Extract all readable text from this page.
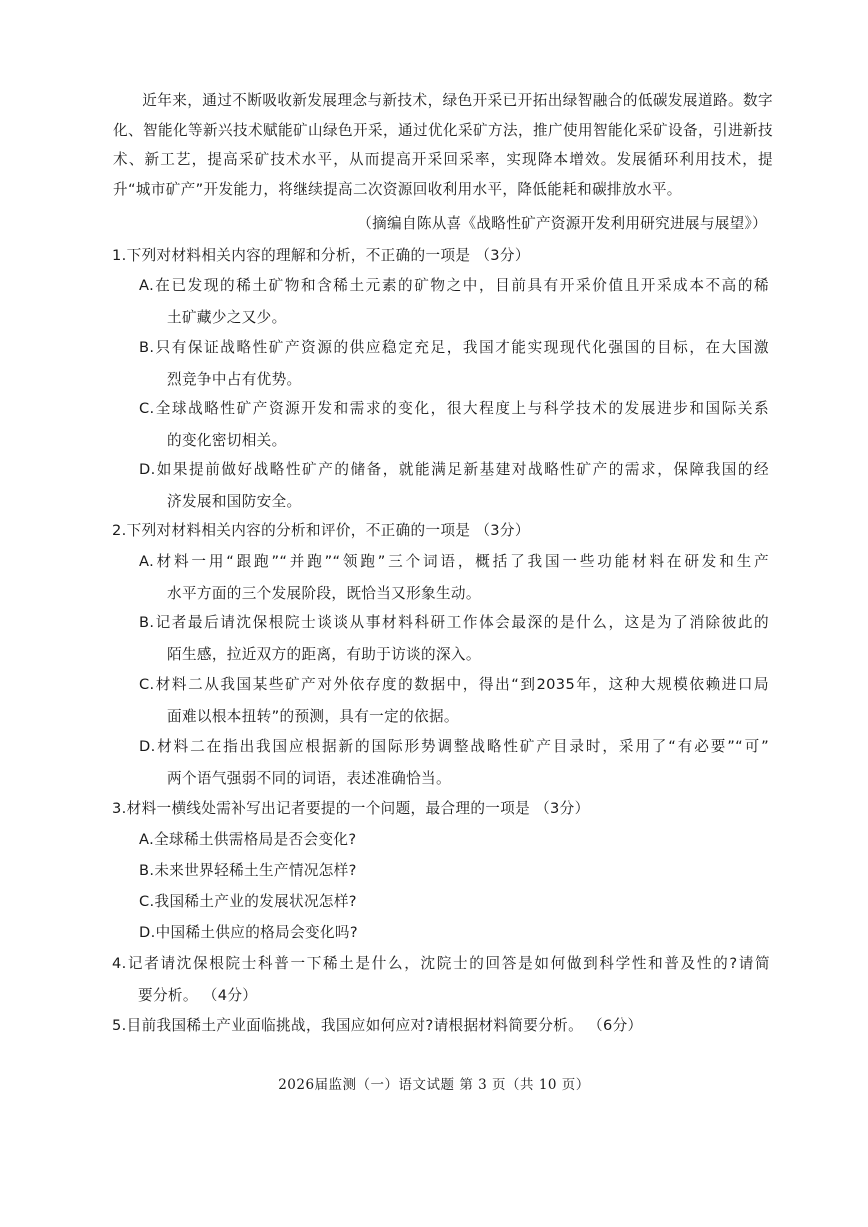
近年来，通过不断吸收新发展理念与新技术，绿色开采已开拓出绿智融合的低碳发展道路。数字化、智能化等新兴技术赋能矿山绿色开采，通过优化采矿方法，推广使用智能化采矿设备，引进新技术、新工艺，提高采矿技术水平，从而提高开采回采率，实现降本增效。发展循环利用技术，提升“城市矿产”开发能力，将继续提高二次资源回收利用水平，降低能耗和碳排放水平。
（摘编自陈从喜《战略性矿产资源开发利用研究进展与展望》）
1.下列对材料相关内容的理解和分析，不正确的一项是 （3分）
A.在已发现的稀土矿物和含稀土元素的矿物之中，目前具有开采价值且开采成本不高的稀
土矿藏少之又少。
B.只有保证战略性矿产资源的供应稳定充足，我国才能实现现代化强国的目标，在大国激
烈竞争中占有优势。
C.全球战略性矿产资源开发和需求的变化，很大程度上与科学技术的发展进步和国际关系
的变化密切相关。
D.如果提前做好战略性矿产的储备，就能满足新基建对战略性矿产的需求，保障我国的经
济发展和国防安全。
2.下列对材料相关内容的分析和评价，不正确的一项是 （3分）
A.材料一用“跟跑”“并跑”“领跑”三个词语，概括了我国一些功能材料在研发和生产
水平方面的三个发展阶段，既恰当又形象生动。
B.记者最后请沈保根院士谈谈从事材料科研工作体会最深的是什么，这是为了消除彼此的
陌生感，拉近双方的距离，有助于访谈的深入。
C.材料二从我国某些矿产对外依存度的数据中，得出“到2035年，这种大规模依赖进口局
面难以根本扭转”的预测，具有一定的依据。
D.材料二在指出我国应根据新的国际形势调整战略性矿产目录时，采用了“有必要”“可”
两个语气强弱不同的词语，表述准确恰当。
3.材料一横线处需补写出记者要提的一个问题，最合理的一项是 （3分）
A.全球稀土供需格局是否会变化?
B.未来世界轻稀土生产情况怎样?
C.我国稀土产业的发展状况怎样?
D.中国稀土供应的格局会变化吗?
4.记者请沈保根院士科普一下稀土是什么，沈院士的回答是如何做到科学性和普及性的?请简
要分析。 （4分）
5.目前我国稀土产业面临挑战，我国应如何应对?请根据材料简要分析。 （6分）
2026届监测（一）语文试题 第 3 页（共 10 页）
